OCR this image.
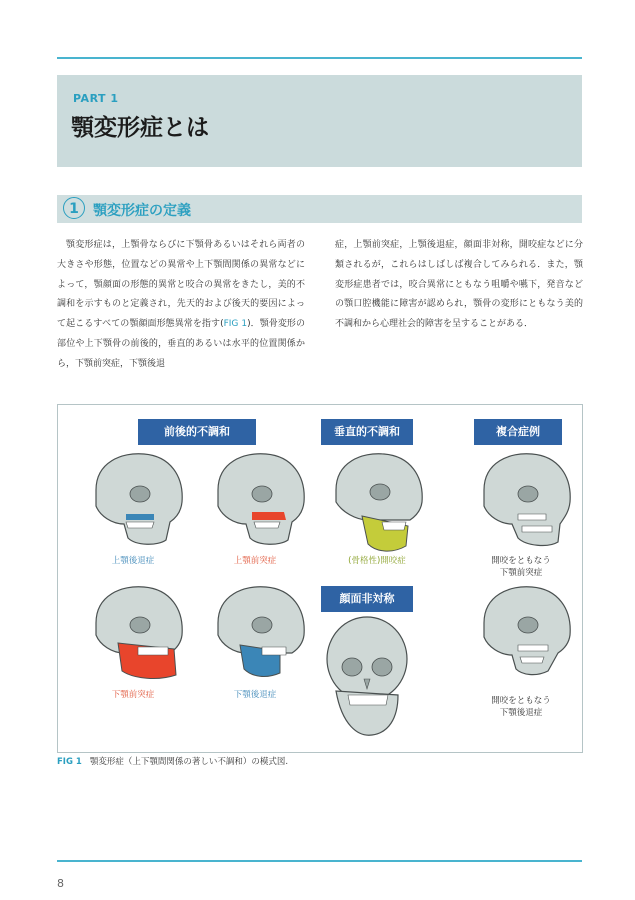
PART 1
顎変形症とは
1	顎変形症の定義

顎変形症は，上顎骨ならびに下顎骨あるいはそれら両者の大きさや形態，位置などの異常や上下顎間関係の異常などによって，顎顔面の形態的異常と咬合の異常をきたし，美的不調和を示すものと定義され，先天的および後天的要因によって起こるすべての顎顔面形態異常を指す(FIG 1)．顎骨変形の部位や上下顎骨の前後的，垂直的あるいは水平的位置関係から，下顎前突症，下顎後退

症，上顎前突症，上顎後退症，顔面非対称，開咬症などに分類されるが，これらはしばしば複合してみられる．また，顎変形症患者では，咬合異常にともなう咀嚼や嚥下，発音などの顎口腔機能に障害が認められ，顎骨の変形にともなう美的不調和から心理社会的障害を呈することがある．

前後的不調和	垂直的不調和	複合症例
顔面非対称
上顎後退症	上顎前突症	(骨格性)開咬症	開咬をともなう
下顎前突症
下顎前突症	下顎後退症
開咬をともなう
下顎後退症
FIG 1 顎変形症（上下顎間関係の著しい不調和）の模式図.
8
